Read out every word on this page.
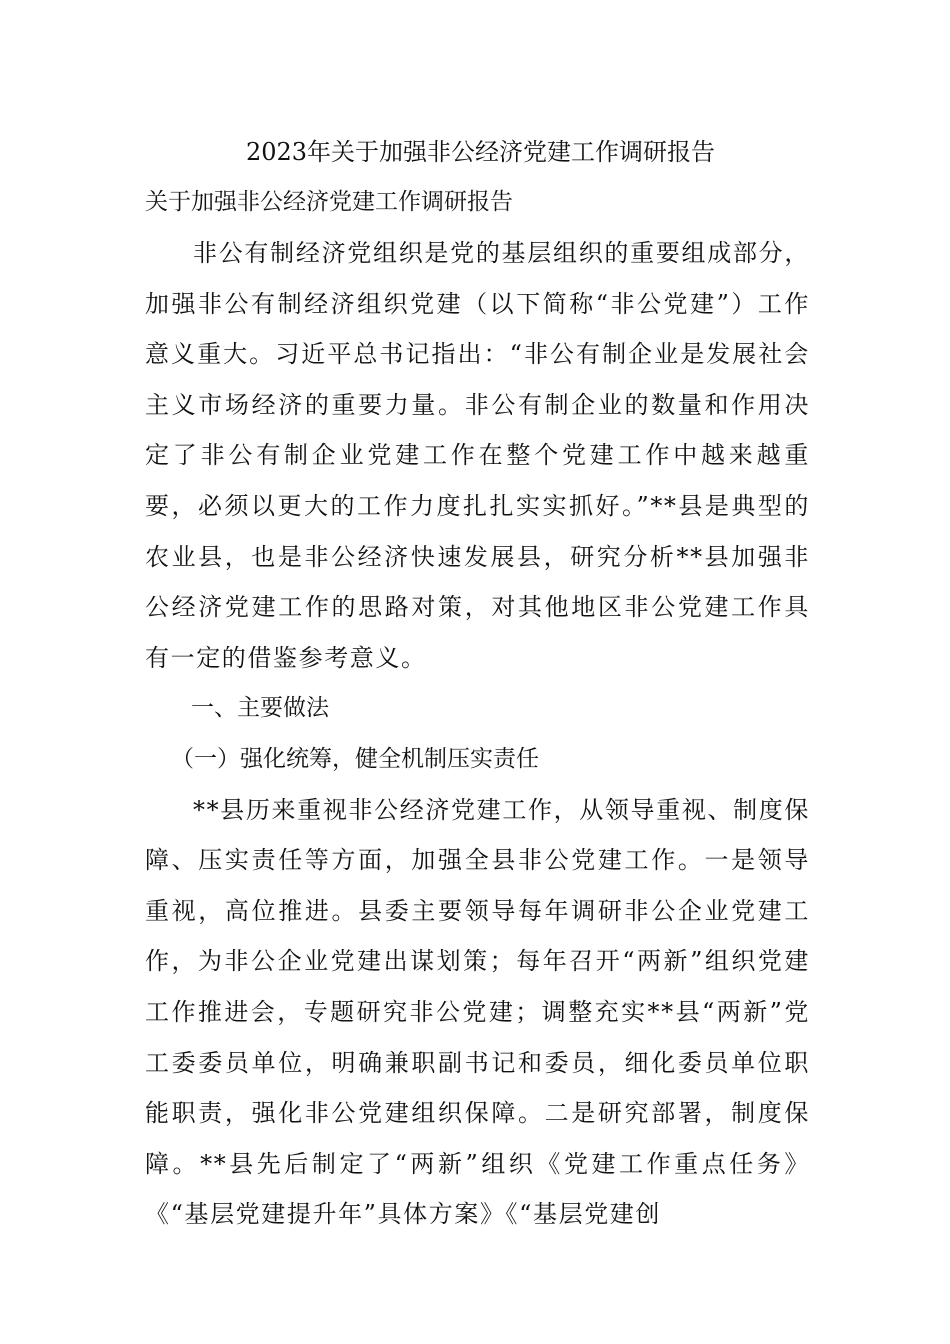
2023年关于加强非公经济党建工作调研报告

关于加强非公经济党建工作调研报告

非公有制经济党组织是党的基层组织的重要组成部分，加强非公有制经济组织党建（以下简称“非公党建”）工作意义重大。习近平总书记指出：“非公有制企业是发展社会主义市场经济的重要力量。非公有制企业的数量和作用决定了非公有制企业党建工作在整个党建工作中越来越重要，必须以更大的工作力度扎扎实实抓好。”**县是典型的农业县，也是非公经济快速发展县，研究分析**县加强非公经济党建工作的思路对策，对其他地区非公党建工作具有一定的借鉴参考意义。

一、主要做法

（一）强化统筹，健全机制压实责任

**县历来重视非公经济党建工作，从领导重视、制度保障、压实责任等方面，加强全县非公党建工作。一是领导重视，高位推进。县委主要领导每年调研非公企业党建工作，为非公企业党建出谋划策；每年召开“两新”组织党建工作推进会，专题研究非公党建；调整充实**县“两新”党工委委员单位，明确兼职副书记和委员，细化委员单位职能职责，强化非公党建组织保障。二是研究部署，制度保障。**县先后制定了“两新”组织《党建工作重点任务》《“基层党建提升年”具体方案》《“基层党建创
